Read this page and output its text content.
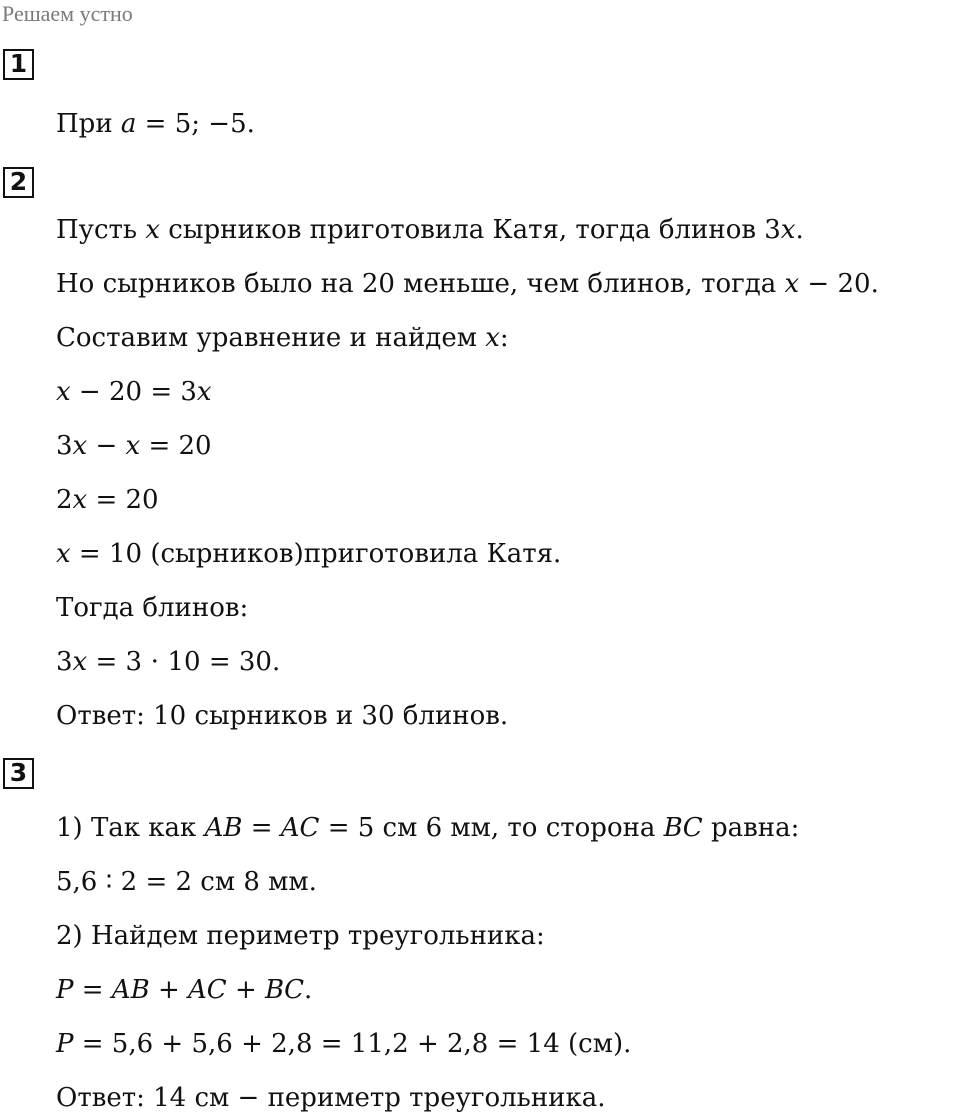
Решаем устно
1
При 𝑎 = 5; −5.
2
Пусть 𝑥 сырников приготовила Катя, тогда блинов 3𝑥.
Но сырников было на 20 меньше, чем блинов, тогда 𝑥 − 20.
Составим уравнение и найдем 𝑥:
𝑥 − 20 = 3𝑥
3𝑥 − 𝑥 = 20
2𝑥 = 20
𝑥 = 10 (сырников)приготовила Катя.
Тогда блинов:
3𝑥 = 3 ⋅ 10 = 30.
Ответ: 10 сырников и 30 блинов.
3
1) Так как 𝐴𝐵 = 𝐴𝐶 = 5 см 6 мм, то сторона 𝐵𝐶 равна:
5,6 ∶ 2 = 2 см 8 мм.
2) Найдем периметр треугольника:
𝑃 = 𝐴𝐵 + 𝐴𝐶 + 𝐵𝐶.
𝑃 = 5,6 + 5,6 + 2,8 = 11,2 + 2,8 = 14 (см).
Ответ: 14 см − периметр треугольника.
